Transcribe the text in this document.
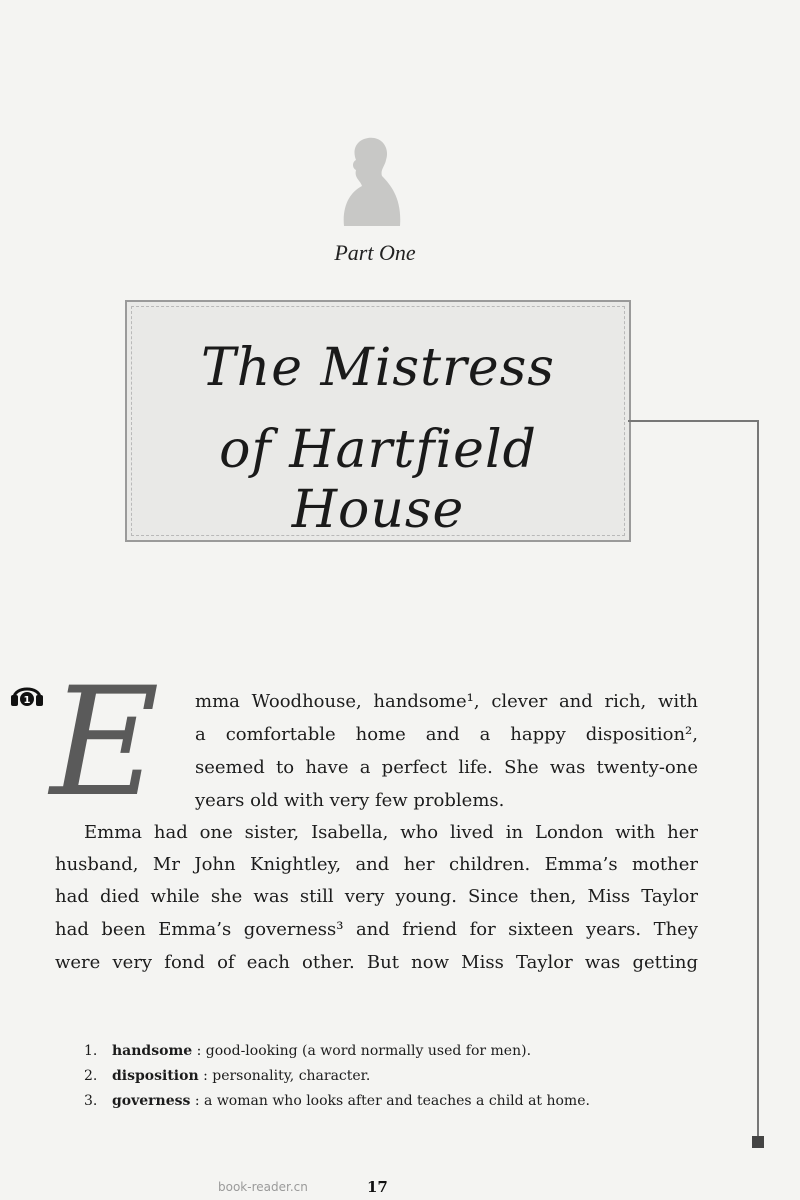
Part One
The Mistress
of Hartfield House
1 E mma Woodhouse, handsome¹, clever and rich, with
a comfortable home and a happy disposition²,
seemed to have a perfect life. She was twenty-one
years old with very few problems.
Emma had one sister, Isabella, who lived in London with her
husband, Mr John Knightley, and her children. Emma’s mother
had died while she was still very young. Since then, Miss Taylor
had been Emma’s governess³ and friend for sixteen years. They
were very fond of each other. But now Miss Taylor was getting
1. handsome : good-looking (a word normally used for men).
2. disposition : personality, character.
3. governess : a woman who looks after and teaches a child at home.
book-reader.cn	17
